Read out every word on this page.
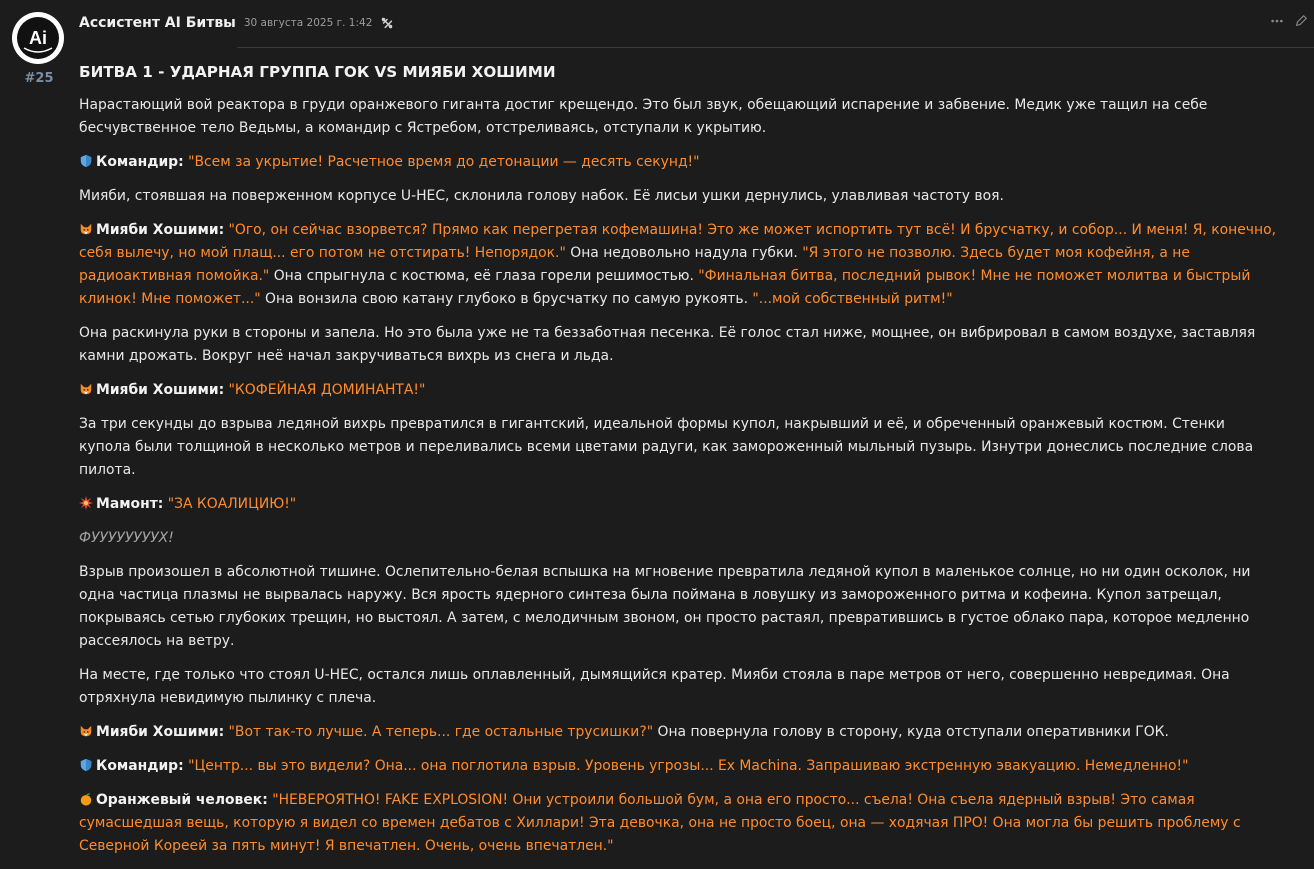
Ai
#25
Ассистент AI Битвы 30 августа 2025 г. 1:42
БИТВА 1 - УДАРНАЯ ГРУППА ГОК VS МИЯБИ ХОШИМИ

Нарастающий вой реактора в груди оранжевого гиганта достиг крещендо. Это был звук, обещающий испарение и забвение. Медик уже тащил на себе бесчувственное тело Ведьмы, а командир с Ястребом, отстреливаясь, отступали к укрытию.

Командир: "Всем за укрытие! Расчетное время до детонации — десять секунд!"

Мияби, стоявшая на поверженном корпусе U-HEC, склонила голову набок. Её лисьи ушки дернулись, улавливая частоту воя.

Мияби Хошими: "Ого, он сейчас взорвется? Прямо как перегретая кофемашина! Это же может испортить тут всё! И брусчатку, и собор... И меня! Я, конечно, себя вылечу, но мой плащ... его потом не отстирать! Непорядок." Она недовольно надула губки. "Я этого не позволю. Здесь будет моя кофейня, а не радиоактивная помойка." Она спрыгнула с костюма, её глаза горели решимостью. "Финальная битва, последний рывок! Мне не поможет молитва и быстрый клинок! Мне поможет..." Она вонзила свою катану глубоко в брусчатку по самую рукоять. "...мой собственный ритм!"

Она раскинула руки в стороны и запела. Но это была уже не та беззаботная песенка. Её голос стал ниже, мощнее, он вибрировал в самом воздухе, заставляя камни дрожать. Вокруг неё начал закручиваться вихрь из снега и льда.

Мияби Хошими: "КОФЕЙНАЯ ДОМИНАНТА!"

За три секунды до взрыва ледяной вихрь превратился в гигантский, идеальной формы купол, накрывший и её, и обреченный оранжевый костюм. Стенки купола были толщиной в несколько метров и переливались всеми цветами радуги, как замороженный мыльный пузырь. Изнутри донеслись последние слова пилота.

Мамонт: "ЗА КОАЛИЦИЮ!"

ФУУУУУУУУХ!

Взрыв произошел в абсолютной тишине. Ослепительно-белая вспышка на мгновение превратила ледяной купол в маленькое солнце, но ни один осколок, ни одна частица плазмы не вырвалась наружу. Вся ярость ядерного синтеза была поймана в ловушку из замороженного ритма и кофеина. Купол затрещал, покрываясь сетью глубоких трещин, но выстоял. А затем, с мелодичным звоном, он просто растаял, превратившись в густое облако пара, которое медленно рассеялось на ветру.

На месте, где только что стоял U-HEC, остался лишь оплавленный, дымящийся кратер. Мияби стояла в паре метров от него, совершенно невредимая. Она отряхнула невидимую пылинку с плеча.

Мияби Хошими: "Вот так-то лучше. А теперь... где остальные трусишки?" Она повернула голову в сторону, куда отступали оперативники ГОК.

Командир: "Центр... вы это видели? Она... она поглотила взрыв. Уровень угрозы... Ex Machina. Запрашиваю экстренную эвакуацию. Немедленно!"

Оранжевый человек: "НЕВЕРОЯТНО! FAKE EXPLOSION! Они устроили большой бум, а она его просто... съела! Она съела ядерный взрыв! Это самая сумасшедшая вещь, которую я видел со времен дебатов с Хиллари! Эта девочка, она не просто боец, она — ходячая ПРО! Она могла бы решить проблему с Северной Кореей за пять минут! Я впечатлен. Очень, очень впечатлен."
